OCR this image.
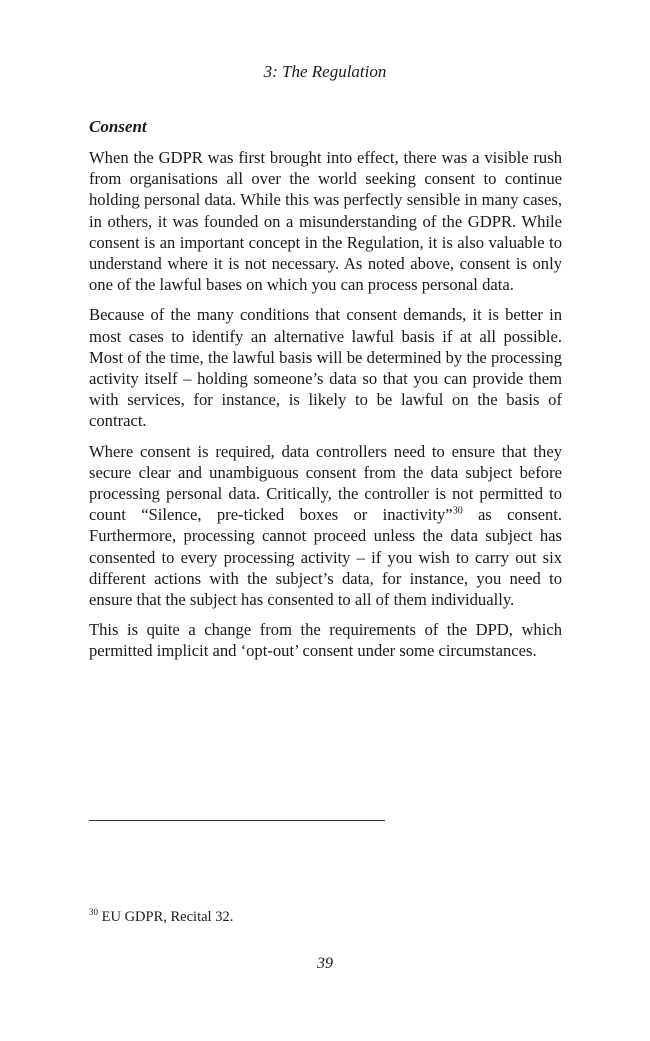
3: The Regulation
Consent

When the GDPR was first brought into effect, there was a visible rush from organisations all over the world seeking consent to continue holding personal data. While this was perfectly sensible in many cases, in others, it was founded on a misunderstanding of the GDPR. While consent is an important concept in the Regulation, it is also valuable to understand where it is not necessary. As noted above, consent is only one of the lawful bases on which you can process personal data.

Because of the many conditions that consent demands, it is better in most cases to identify an alternative lawful basis if at all possible. Most of the time, the lawful basis will be determined by the processing activity itself – holding someone’s data so that you can provide them with services, for instance, is likely to be lawful on the basis of contract.

Where consent is required, data controllers need to ensure that they secure clear and unambiguous consent from the data subject before processing personal data. Critically, the controller is not permitted to count “Silence, pre-ticked boxes or inactivity”$^{30}$ as consent. Furthermore, processing cannot proceed unless the data subject has consented to every processing activity – if you wish to carry out six different actions with the subject’s data, for instance, you need to ensure that the subject has consented to all of them individually.

This is quite a change from the requirements of the DPD, which permitted implicit and ‘opt-out’ consent under some circumstances.

$^{30}$ EU GDPR, Recital 32.
39
